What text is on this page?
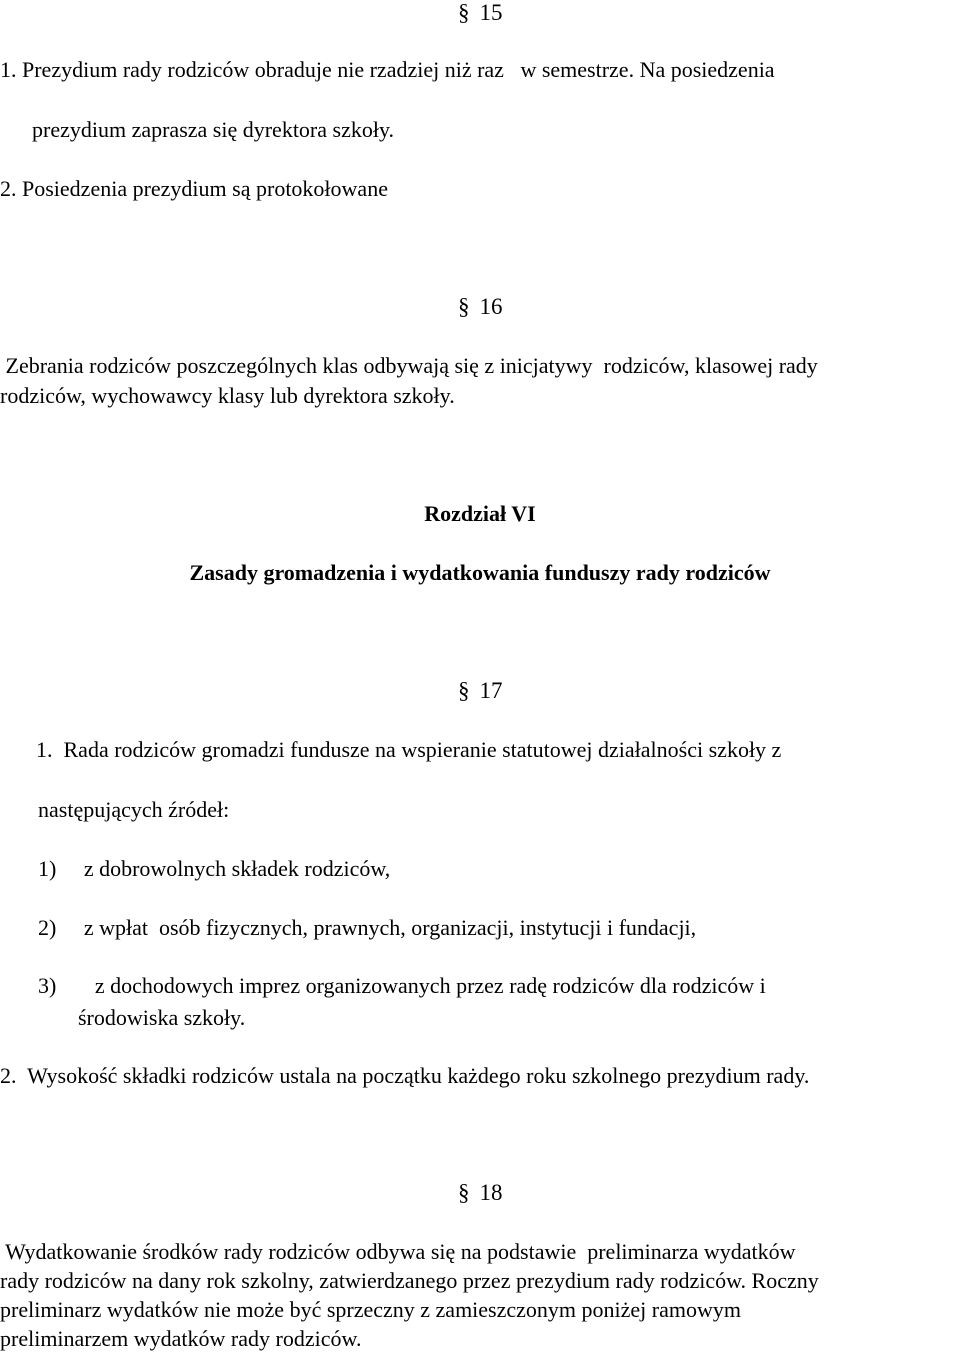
§ 15
1. Prezydium rady rodziców obraduje nie rzadziej niż raz   w semestrze. Na posiedzenia
prezydium zaprasza się dyrektora szkoły.
2. Posiedzenia prezydium są protokołowane
§ 16
Zebrania rodziców poszczególnych klas odbywają się z inicjatywy  rodziców, klasowej rady
rodziców, wychowawcy klasy lub dyrektora szkoły.
Rozdział VI
Zasady gromadzenia i wydatkowania funduszy rady rodziców
§ 17
1.  Rada rodziców gromadzi fundusze na wspieranie statutowej działalności szkoły z
następujących źródeł:
1)     z dobrowolnych składek rodziców,
2)     z wpłat  osób fizycznych, prawnych, organizacji, instytucji i fundacji,
3)       z dochodowych imprez organizowanych przez radę rodziców dla rodziców i
środowiska szkoły.
2.  Wysokość składki rodziców ustala na początku każdego roku szkolnego prezydium rady.
§ 18
Wydatkowanie środków rady rodziców odbywa się na podstawie  preliminarza wydatków
rady rodziców na dany rok szkolny, zatwierdzanego przez prezydium rady rodziców. Roczny
preliminarz wydatków nie może być sprzeczny z zamieszczonym poniżej ramowym
preliminarzem wydatków rady rodziców.
